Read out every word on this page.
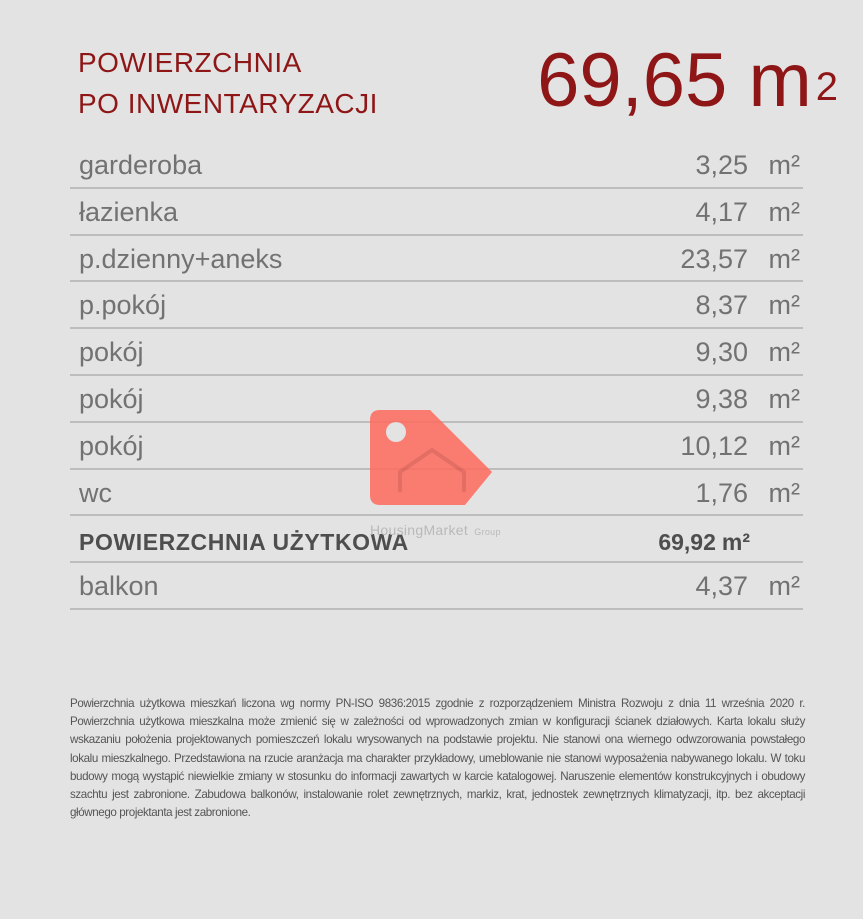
POWIERZCHNIA
PO INWENTARYZACJI 69,65 m $^2$
garderoba	3,25 m²
łazienka	4,17 m²
p.dzienny+aneks	23,57 m²
p.pokój	8,37 m²
pokój	9,30 m²
pokój	9,38 m²
pokój	10,12 m²
wc	1,76 m²
POWIERZCHNIA UŻYTKOWA	69,92 m²
balkon	4,37 m²
HousingMarket Group
Powierzchnia użytkowa mieszkań liczona wg normy PN-ISO 9836:2015 zgodnie z rozporządzeniem Ministra Rozwoju z dnia 11 września 2020 r. Powierzchnia użytkowa mieszkalna może zmienić się w zależności od wprowadzonych zmian w konfiguracji ścianek działowych. Karta lokalu służy wskazaniu położenia projektowanych pomieszczeń lokalu wrysowanych na podstawie projektu. Nie stanowi ona wiernego odwzorowania powstałego lokalu mieszkalnego. Przedstawiona na rzucie aranżacja ma charakter przykładowy, umeblowanie nie stanowi wyposażenia nabywanego lokalu. W toku budowy mogą wystąpić niewielkie zmiany w stosunku do informacji zawartych w karcie katalogowej. Naruszenie elementów konstrukcyjnych i obudowy szachtu jest zabronione. Zabudowa balkonów, instalowanie rolet zewnętrznych, markiz, krat, jednostek zewnętrznych klimatyzacji, itp. bez akceptacji głównego projektanta jest zabronione.
